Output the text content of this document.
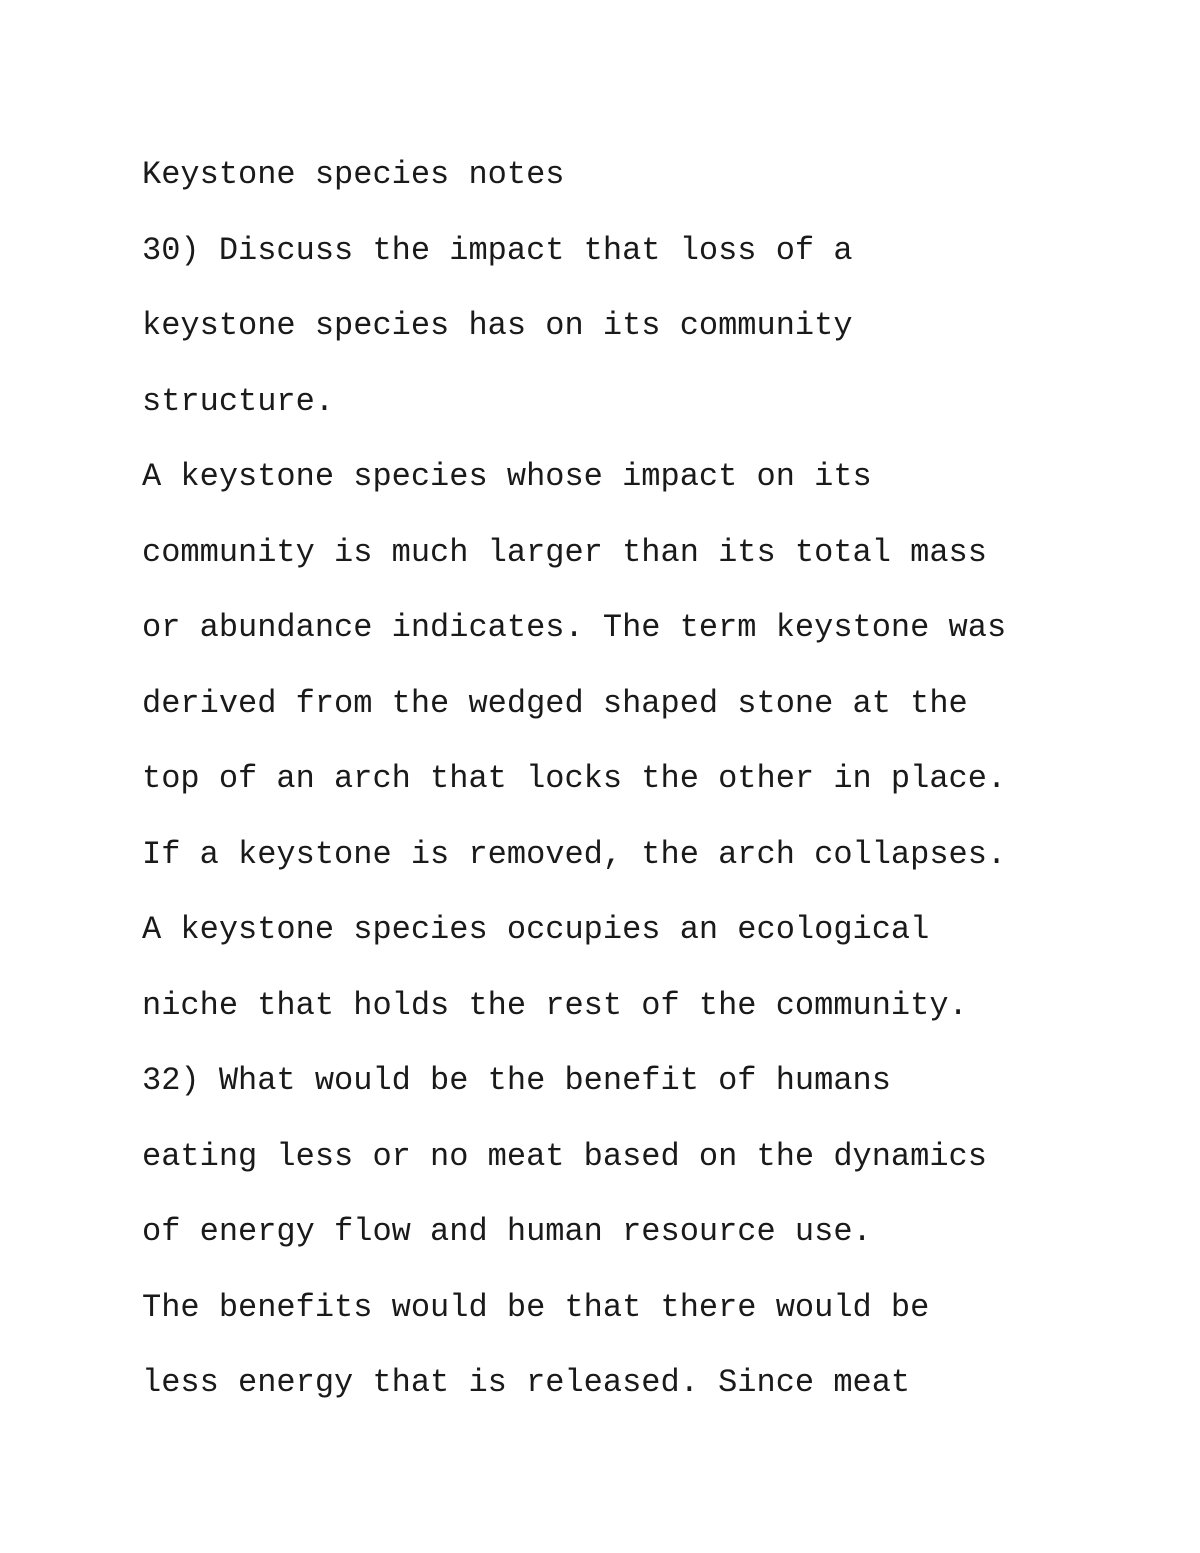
Keystone species notes
30) Discuss the impact that loss of a
keystone species has on its community
structure.
A keystone species whose impact on its
community is much larger than its total mass
or abundance indicates. The term keystone was
derived from the wedged shaped stone at the
top of an arch that locks the other in place.
If a keystone is removed, the arch collapses.
A keystone species occupies an ecological
niche that holds the rest of the community.
32) What would be the benefit of humans
eating less or no meat based on the dynamics
of energy flow and human resource use.
The benefits would be that there would be
less energy that is released. Since meat
